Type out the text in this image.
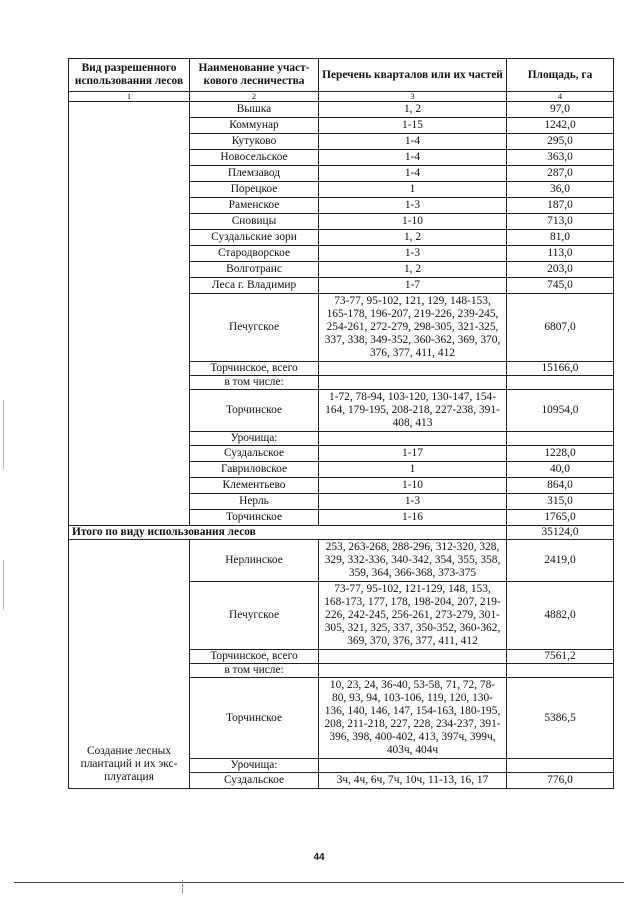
Вид разрешенного использования лесов	Наименование участ-кового лесничества	Перечень кварталов или их частей	Площадь, га
1	2	3	4
	Вышка	1, 2	97,0
	Коммунар	1-15	1242,0
	Кутуково	1-4	295,0
	Новосельское	1-4	363,0
	Племзавод	1-4	287,0
	Порецкое	1	36,0
	Раменское	1-3	187,0
	Сновицы	1-10	713,0
	Суздальские зори	1, 2	81,0
	Стародворское	1-3	113,0
	Волготранс	1, 2	203,0
	Леса г. Владимир	1-7	745,0
	Печугское	73-77, 95-102, 121, 129, 148-153, 165-178, 196-207, 219-226, 239-245, 254-261, 272-279, 298-305, 321-325, 337, 338, 349-352, 360-362, 369, 370, 376, 377, 411, 412	6807,0
	Торчинское, всего		15166,0
	в том числе:		
	Торчинское	1-72, 78-94, 103-120, 130-147, 154-164, 179-195, 208-218, 227-238, 391-408, 413	10954,0
	Урочища:		
	Суздальское	1-17	1228,0
	Гавриловское	1	40,0
	Клементьево	1-10	864,0
	Нерль	1-3	315,0
	Торчинское	1-16	1765,0
Итого по виду использования лесов			35124,0
Создание лесных плантаций и их экс-плуатация	Нерлинское	253, 263-268, 288-296, 312-320, 328, 329, 332-336, 340-342, 354, 355, 358, 359, 364, 366-368, 373-375	2419,0
	Печугское	73-77, 95-102, 121-129, 148, 153, 168-173, 177, 178, 198-204, 207, 219-226, 242-245, 256-261, 273-279, 301-305, 321, 325, 337, 350-352, 360-362, 369, 370, 376, 377, 411, 412	4882,0
	Торчинское, всего		7561,2
	в том числе:		
	Торчинское	10, 23, 24, 36-40, 53-58, 71, 72, 78-80, 93, 94, 103-106, 119, 120, 130-136, 140, 146, 147, 154-163, 180-195, 208, 211-218, 227, 228, 234-237, 391-396, 398, 400-402, 413, 397ч, 399ч, 403ч, 404ч	5386,5
	Урочища:		
	Суздальское	3ч, 4ч, 6ч, 7ч, 10ч, 11-13, 16, 17	776,0
44
